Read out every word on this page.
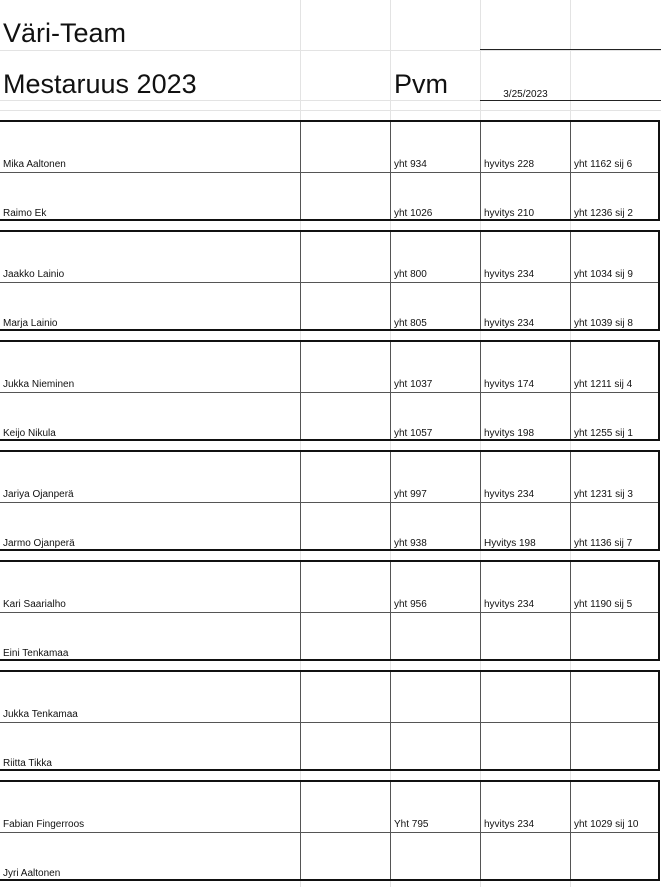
Väri-Team
Mestaruus 2023	Pvm	3/25/2023
Mika Aaltonen	yht 934	hyvitys 228	yht 1162 sij 6
Raimo Ek	yht 1026	hyvitys 210	yht 1236 sij 2
Jaakko Lainio	yht 800	hyvitys 234	yht 1034 sij 9
Marja Lainio	yht 805	hyvitys 234	yht 1039 sij 8
Jukka Nieminen	yht 1037	hyvitys 174	yht 1211 sij 4
Keijo Nikula	yht 1057	hyvitys 198	yht 1255 sij 1
Jariya Ojanperä	yht 997	hyvitys 234	yht 1231 sij 3
Jarmo Ojanperä	yht 938	Hyvitys 198	yht 1136 sij 7
Kari Saarialho	yht 956	hyvitys 234	yht 1190 sij 5
Eini Tenkamaa
Jukka Tenkamaa
Riitta Tikka
Fabian Fingerroos	Yht 795	hyvitys 234	yht 1029 sij 10
Jyri Aaltonen
